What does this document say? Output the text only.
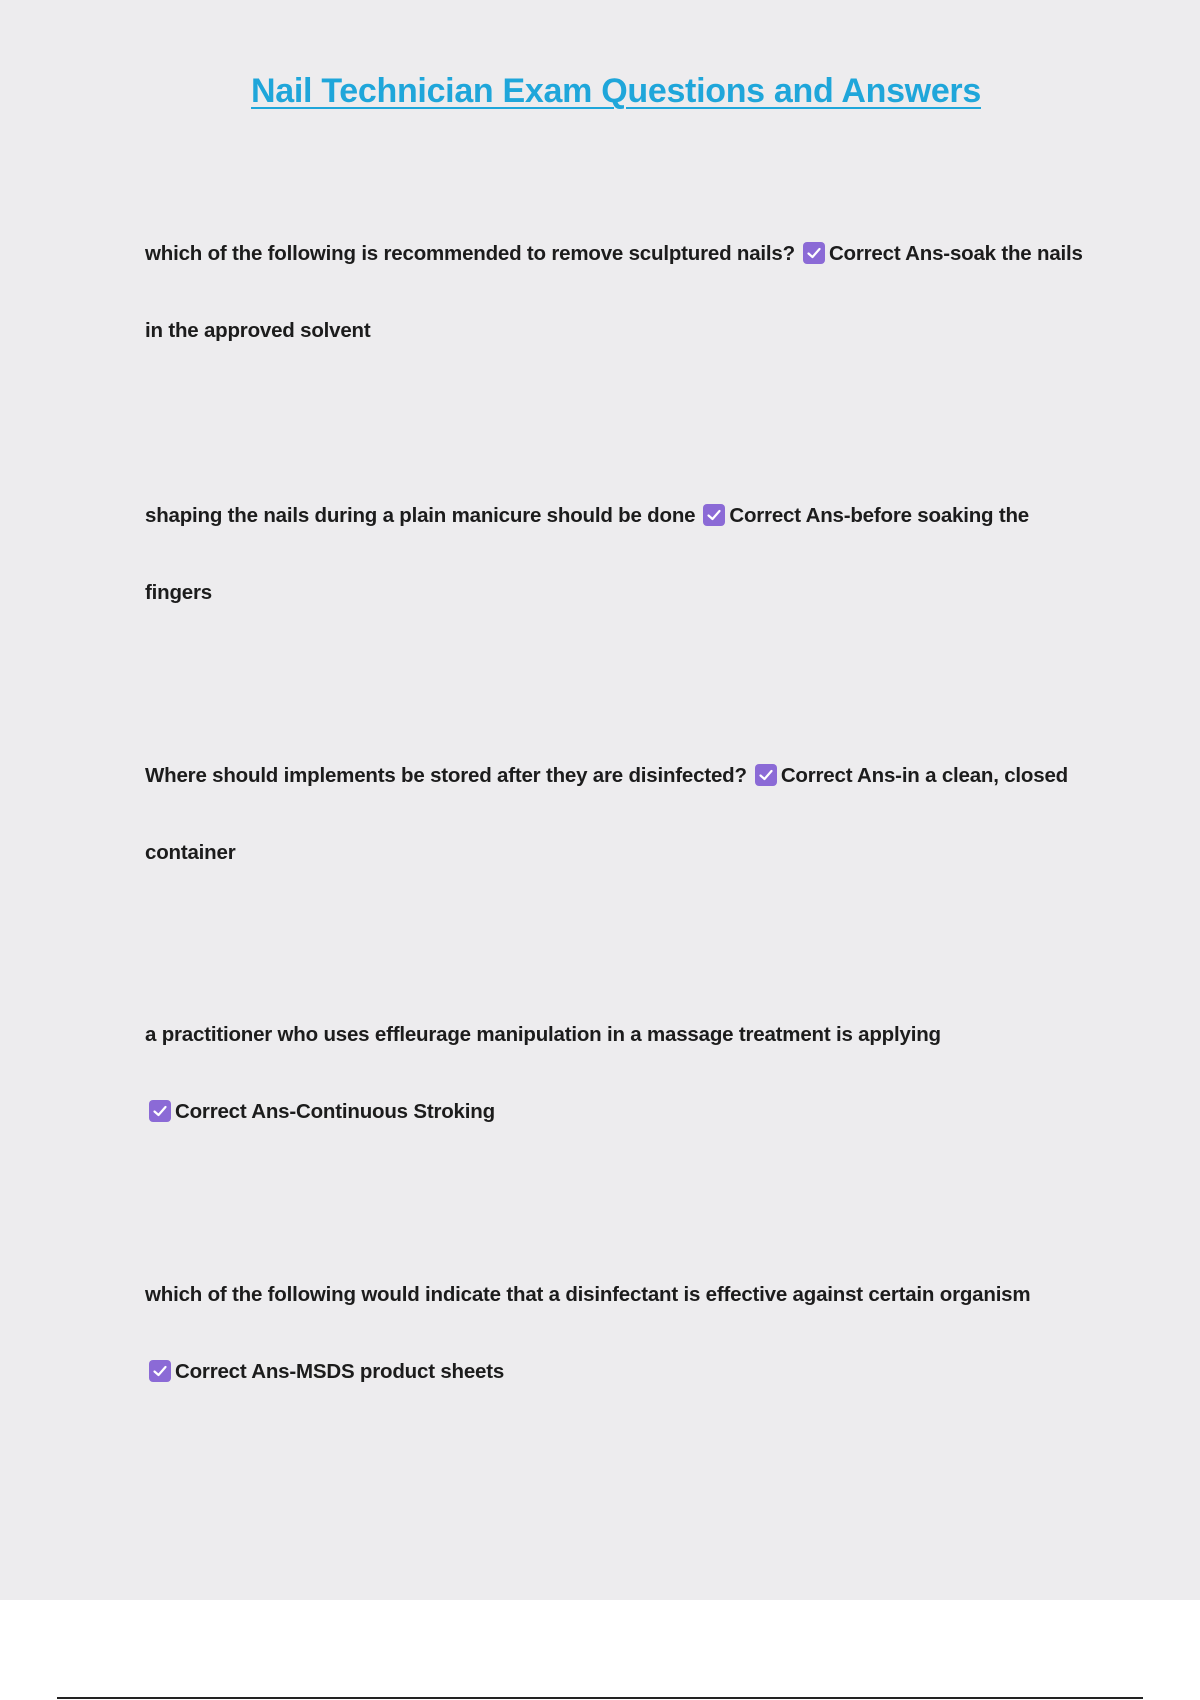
Nail Technician Exam Questions and Answers
which of the following is recommended to remove sculptured nails? Correct Ans-soak the nails in the approved solvent
shaping the nails during a plain manicure should be done Correct Ans-before soaking the fingers
Where should implements be stored after they are disinfected? Correct Ans-in a clean, closed container
a practitioner who uses effleurage manipulation in a massage treatment is applying

Correct Ans-Continuous Stroking
which of the following would indicate that a disinfectant is effective against certain organism

Correct Ans-MSDS product sheets
